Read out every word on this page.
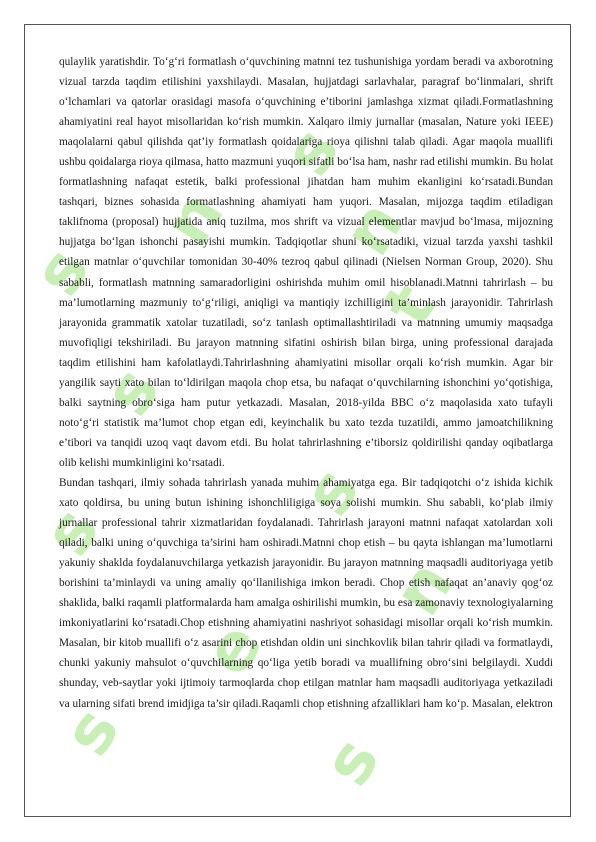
s
s
n
s
t
s
s
n
s	s
n
e

qulaylik yaratishdir. To‘g‘ri formatlash o‘quvchining matnni tez tushunishiga yordam beradi va axborotning vizual tarzda taqdim etilishini yaxshilaydi. Masalan, hujjatdagi sarlavhalar, paragraf bo‘linmalari, shrift o‘lchamlari va qatorlar orasidagi masofa o‘quvchining e’tiborini jamlashga xizmat qiladi.Formatlashning ahamiyatini real hayot misollaridan ko‘rish mumkin. Xalqaro ilmiy jurnallar (masalan, Nature yoki IEEE) maqolalarni qabul qilishda qat’iy formatlash qoidalariga rioya qilishni talab qiladi. Agar maqola muallifi ushbu qoidalarga rioya qilmasa, hatto mazmuni yuqori sifatli bo‘lsa ham, nashr rad etilishi mumkin. Bu holat formatlashning nafaqat estetik, balki professional jihatdan ham muhim ekanligini ko‘rsatadi.Bundan tashqari, biznes sohasida formatlashning ahamiyati ham yuqori. Masalan, mijozga taqdim etiladigan taklifnoma (proposal) hujjatida aniq tuzilma, mos shrift va vizual elementlar mavjud bo‘lmasa, mijozning hujjatga bo‘lgan ishonchi pasayishi mumkin. Tadqiqotlar shuni ko‘rsatadiki, vizual tarzda yaxshi tashkil etilgan matnlar o‘quvchilar tomonidan 30-40% tezroq qabul qilinadi (Nielsen Norman Group, 2020). Shu sababli, formatlash matnning samaradorligini oshirishda muhim omil hisoblanadi.Matnni tahrirlash – bu ma’lumotlarning mazmuniy to‘g‘riligi, aniqligi va mantiqiy izchilligini ta’minlash jarayonidir. Tahrirlash jarayonida grammatik xatolar tuzatiladi, so‘z tanlash optimallashtiriladi va matnning umumiy maqsadga muvofiqligi tekshiriladi. Bu jarayon matnning sifatini oshirish bilan birga, uning professional darajada taqdim etilishini ham kafolatlaydi.Tahrirlashning ahamiyatini misollar orqali ko‘rish mumkin. Agar bir yangilik sayti xato bilan to‘ldirilgan maqola chop etsa, bu nafaqat o‘quvchilarning ishonchini yo‘qotishiga, balki saytning obro‘siga ham putur yetkazadi. Masalan, 2018-yilda BBC o‘z maqolasida xato tufayli noto‘g‘ri statistik ma’lumot chop etgan edi, keyinchalik bu xato tezda tuzatildi, ammo jamoatchilikning e’tibori va tanqidi uzoq vaqt davom etdi. Bu holat tahrirlashning e’tiborsiz qoldirilishi qanday oqibatlarga olib kelishi mumkinligini ko‘rsatadi.

Bundan tashqari, ilmiy sohada tahrirlash yanada muhim ahamiyatga ega. Bir tadqiqotchi o‘z ishida kichik xato qoldirsa, bu uning butun ishining ishonchliligiga soya solishi mumkin. Shu sababli, ko‘plab ilmiy jurnallar professional tahrir xizmatlaridan foydalanadi. Tahrirlash jarayoni matnni nafaqat xatolardan xoli qiladi, balki uning o‘quvchiga ta’sirini ham oshiradi.Matnni chop etish – bu qayta ishlangan ma’lumotlarni yakuniy shaklda foydalanuvchilarga yetkazish jarayonidir. Bu jarayon matnning maqsadli auditoriyaga yetib borishini ta’minlaydi va uning amaliy qo‘llanilishiga imkon beradi. Chop etish nafaqat an’anaviy qog‘oz shaklida, balki raqamli platformalarda ham amalga oshirilishi mumkin, bu esa zamonaviy texnologiyalarning imkoniyatlarini ko‘rsatadi.Chop etishning ahamiyatini nashriyot sohasidagi misollar orqali ko‘rish mumkin. Masalan, bir kitob muallifi o‘z asarini chop etishdan oldin uni sinchkovlik bilan tahrir qiladi va formatlaydi, chunki yakuniy mahsulot o‘quvchilarning qo‘liga yetib boradi va muallifning obro‘sini belgilaydi. Xuddi shunday, veb-saytlar yoki ijtimoiy tarmoqlarda chop etilgan matnlar ham maqsadli auditoriyaga yetkaziladi va ularning sifati brend imidjiga ta’sir qiladi.Raqamli chop etishning afzalliklari ham ko‘p. Masalan, elektron
